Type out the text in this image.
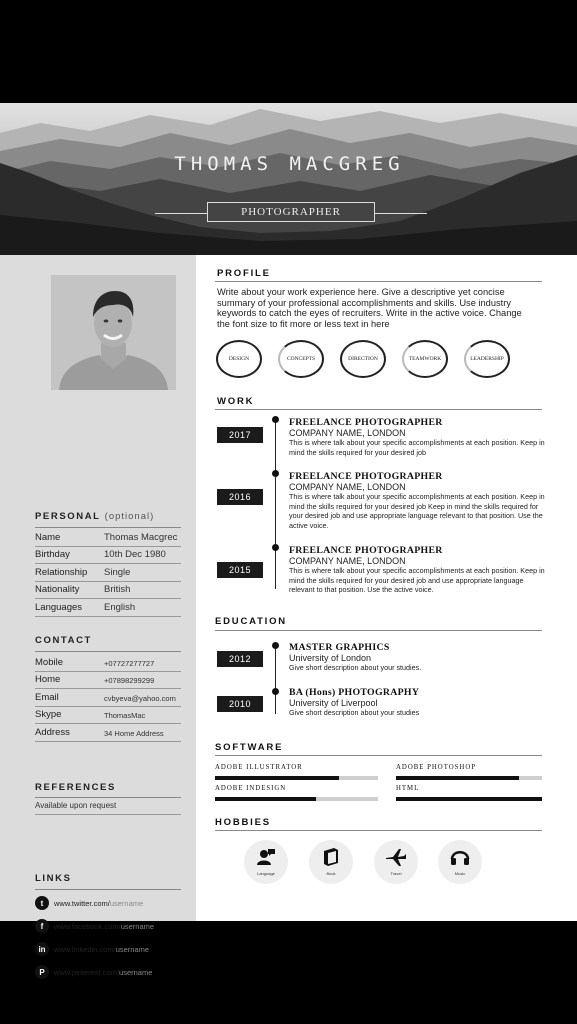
THOMAS MACGREG
PHOTOGRAPHER
PERSONAL (optional)
Name	Thomas Macgrec
Birthday	10th Dec 1980
Relationship Single
Nationality	British
Languages English
CONTACT
Mobile	+07727277727
Home	+07898299299
Email	cvbyeva@yahoo.com
Skype	ThomasMac
Address	34 Home Address
REFERENCES
Available upon request
LINKS
t	www.twitter.com/username
f	www.facebook.com/username
in	www.linkedin.com/username
P	www.pinterest.com/username
PROFILE
Write about your work experience here. Give a descriptive yet concise summary of your professional accomplishments and skills. Use industry keywords to catch the eyes of recruiters. Write in the active voice. Change the font size to fit more or less text in here
DESIGN	CONCEPTS	DIRECTION	TEAMWORK	LEADERSHIP
WORK
2017
FREELANCE PHOTOGRAPHER
COMPANY NAME, LONDON
This is where talk about your specific accomplishments at each position. Keep in mind the skills required for your desired job
2016
FREELANCE PHOTOGRAPHER
COMPANY NAME, LONDON
This is where talk about your specific accomplishments at each position. Keep in mind the skills required for your desired job Keep in mind the skills required for your desired job and use appropriate language relevant to that position. Use the active voice.
2015
FREELANCE PHOTOGRAPHER
COMPANY NAME, LONDON
This is where talk about your specific accomplishments at each position. Keep in mind the skills required for your desired job and use appropriate language relevant to that position. Use the active voice.
EDUCATION
2012
MASTER GRAPHICS
University of London
Give short description about your studies.
2010
BA (Hons) PHOTOGRAPHY
University of Liverpool
Give short description about your studies
SOFTWARE
ADOBE ILLUSTRATOR	ADOBE PHOTOSHOP
ADOBE INDESIGN	HTML
HOBBIES
Language	Book	Travel	Music
